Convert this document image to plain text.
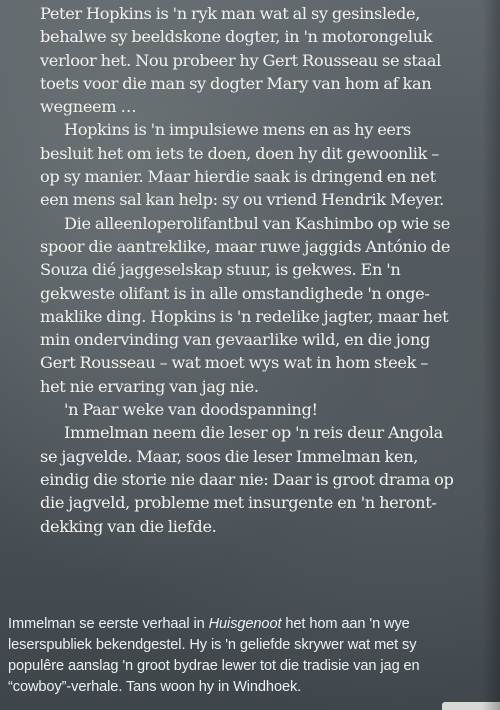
Peter Hopkins is 'n ryk man wat al sy gesinslede,
behalwe sy beeldskone dogter, in 'n motorongeluk
verloor het. Nou probeer hy Gert Rousseau se staal
toets voor die man sy dogter Mary van hom af kan
wegneem …

Hopkins is 'n impulsiewe mens en as hy eers
besluit het om iets te doen, doen hy dit gewoonlik –
op sy manier. Maar hierdie saak is dringend en net
een mens sal kan help: sy ou vriend Hendrik Meyer.

Die alleenloperolifantbul van Kashimbo op wie se
spoor die aantreklike, maar ruwe jaggids António de
Souza dié jaggeselskap stuur, is gekwes. En 'n
gekweste olifant is in alle omstandighede 'n onge-
maklike ding. Hopkins is 'n redelike jagter, maar het
min ondervinding van gevaarlike wild, en die jong
Gert Rousseau – wat moet wys wat in hom steek –
het nie ervaring van jag nie.

'n Paar weke van doodspanning!

Immelman neem die leser op 'n reis deur Angola
se jagvelde. Maar, soos die leser Immelman ken,
eindig die storie nie daar nie: Daar is groot drama op
die jagveld, probleme met insurgente en 'n heront-
dekking van die liefde.

Immelman se eerste verhaal in Huisgenoot het hom aan 'n wye
leserspubliek bekendgestel. Hy is 'n geliefde skrywer wat met sy
populêre aanslag 'n groot bydrae lewer tot die tradisie van jag en
“cowboy”-verhale. Tans woon hy in Windhoek.
